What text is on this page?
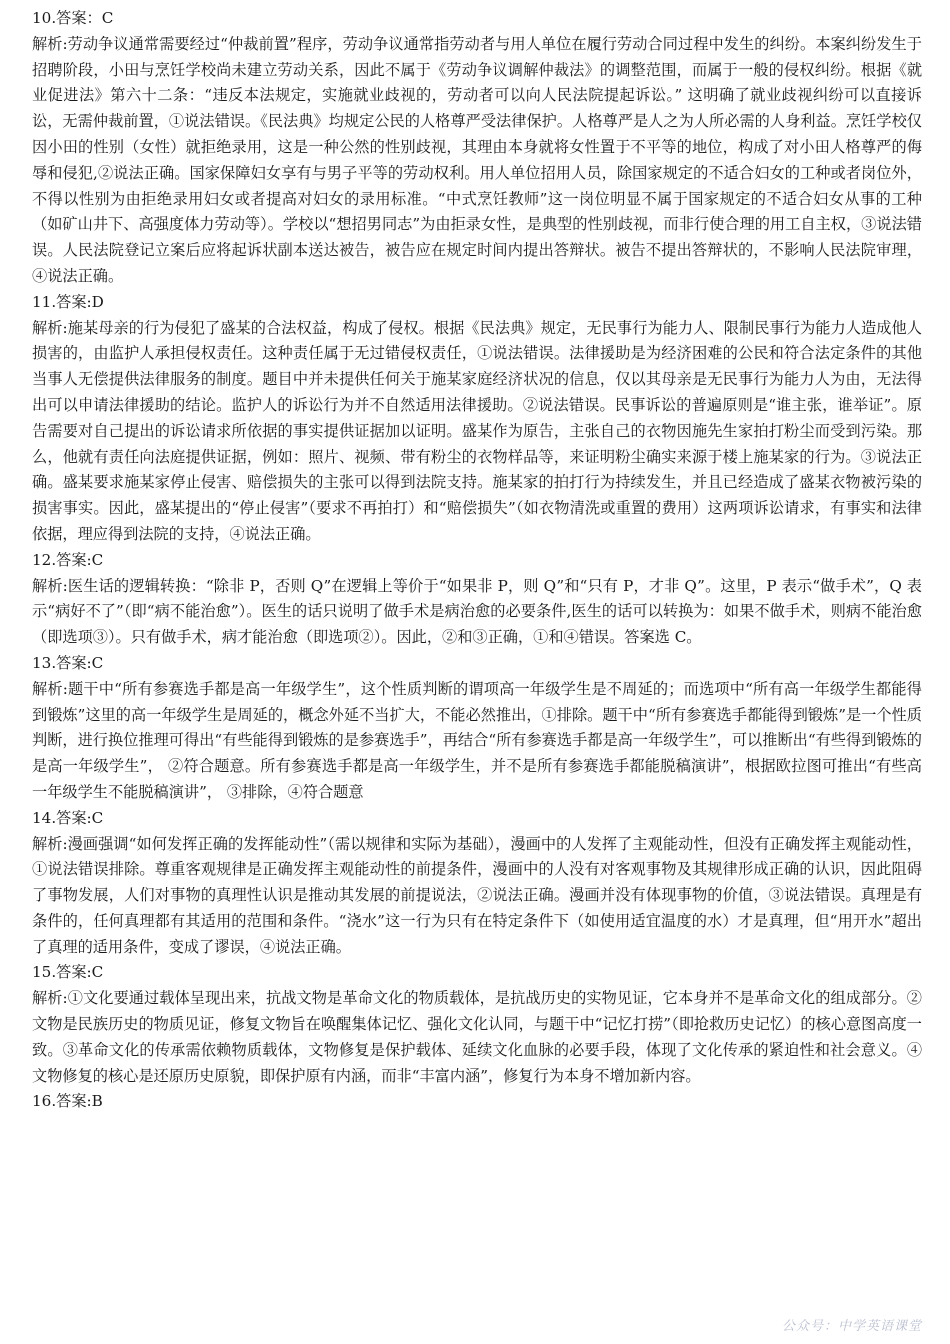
10.答案：C

解析:劳动争议通常需要经过“仲裁前置”程序，劳动争议通常指劳动者与用人单位在履行劳动合同过程中发生的纠纷。本案纠纷发生于招聘阶段，小田与烹饪学校尚未建立劳动关系，因此不属于《劳动争议调解仲裁法》的调整范围，而属于一般的侵权纠纷。根据《就业促进法》第六十二条：“违反本法规定，实施就业歧视的，劳动者可以向人民法院提起诉讼。” 这明确了就业歧视纠纷可以直接诉讼，无需仲裁前置，①说法错误。《民法典》均规定公民的人格尊严受法律保护。人格尊严是人之为人所必需的人身利益。烹饪学校仅因小田的性别（女性）就拒绝录用，这是一种公然的性别歧视，其理由本身就将女性置于不平等的地位，构成了对小田人格尊严的侮辱和侵犯,②说法正确。国家保障妇女享有与男子平等的劳动权利。用人单位招用人员，除国家规定的不适合妇女的工种或者岗位外，不得以性别为由拒绝录用妇女或者提高对妇女的录用标准。“中式烹饪教师”这一岗位明显不属于国家规定的不适合妇女从事的工种（如矿山井下、高强度体力劳动等）。学校以“想招男同志”为由拒录女性，是典型的性别歧视，而非行使合理的用工自主权，③说法错误。人民法院登记立案后应将起诉状副本送达被告，被告应在规定时间内提出答辩状。被告不提出答辩状的，不影响人民法院审理，④说法正确。

11.答案:D

解析:施某母亲的行为侵犯了盛某的合法权益，构成了侵权。根据《民法典》规定，无民事行为能力人、限制民事行为能力人造成他人损害的，由监护人承担侵权责任。这种责任属于无过错侵权责任，①说法错误。法律援助是为经济困难的公民和符合法定条件的其他当事人无偿提供法律服务的制度。题目中并未提供任何关于施某家庭经济状况的信息，仅以其母亲是无民事行为能力人为由，无法得出可以申请法律援助的结论。监护人的诉讼行为并不自然适用法律援助。②说法错误。民事诉讼的普遍原则是“谁主张，谁举证”。原告需要对自己提出的诉讼请求所依据的事实提供证据加以证明。盛某作为原告，主张自己的衣物因施先生家拍打粉尘而受到污染。那么，他就有责任向法庭提供证据，例如：照片、视频、带有粉尘的衣物样品等，来证明粉尘确实来源于楼上施某家的行为。③说法正确。盛某要求施某家停止侵害、赔偿损失的主张可以得到法院支持。施某家的拍打行为持续发生，并且已经造成了盛某衣物被污染的损害事实。因此，盛某提出的“停止侵害”（要求不再拍打）和“赔偿损失”（如衣物清洗或重置的费用）这两项诉讼请求，有事实和法律依据，理应得到法院的支持，④说法正确。

12.答案:C

解析:医生话的逻辑转换：“除非 P，否则 Q”在逻辑上等价于“如果非 P，则 Q”和“只有 P，才非 Q”。这里，P 表示“做手术”，Q 表示“病好不了”（即“病不能治愈”）。医生的话只说明了做手术是病治愈的必要条件,医生的话可以转换为：如果不做手术，则病不能治愈（即选项③）。只有做手术，病才能治愈（即选项②）。因此，②和③正确，①和④错误。答案选 C。

13.答案:C

解析:题干中“所有参赛选手都是高一年级学生”，这个性质判断的谓项高一年级学生是不周延的；而选项中“所有高一年级学生都能得到锻炼”这里的高一年级学生是周延的，概念外延不当扩大，不能必然推出，①排除。题干中“所有参赛选手都能得到锻炼”是一个性质判断，进行换位推理可得出“有些能得到锻炼的是参赛选手”，再结合“所有参赛选手都是高一年级学生”，可以推断出“有些得到锻炼的是高一年级学生”， ②符合题意。所有参赛选手都是高一年级学生，并不是所有参赛选手都能脱稿演讲”，根据欧拉图可推出“有些高一年级学生不能脱稿演讲”， ③排除，④符合题意

14.答案:C

解析:漫画强调“如何发挥正确的发挥能动性”（需以规律和实际为基础），漫画中的人发挥了主观能动性，但没有正确发挥主观能动性，①说法错误排除。尊重客观规律是正确发挥主观能动性的前提条件，漫画中的人没有对客观事物及其规律形成正确的认识，因此阻碍了事物发展，人们对事物的真理性认识是推动其发展的前提说法，②说法正确。漫画并没有体现事物的价值，③说法错误。真理是有条件的，任何真理都有其适用的范围和条件。“浇水”这一行为只有在特定条件下（如使用适宜温度的水）才是真理，但“用开水”超出了真理的适用条件，变成了谬误，④说法正确。

15.答案:C

解析:①文化要通过载体呈现出来，抗战文物是革命文化的物质载体，是抗战历史的实物见证，它本身并不是革命文化的组成部分。②文物是民族历史的物质见证，修复文物旨在唤醒集体记忆、强化文化认同，与题干中“记忆打捞”（即抢救历史记忆）的核心意图高度一致。③革命文化的传承需依赖物质载体，文物修复是保护载体、延续文化血脉的必要手段，体现了文化传承的紧迫性和社会意义。④文物修复的核心是还原历史原貌，即保护原有内涵，而非“丰富内涵”，修复行为本身不增加新内容。

16.答案:B

公众号：中学英语课堂
